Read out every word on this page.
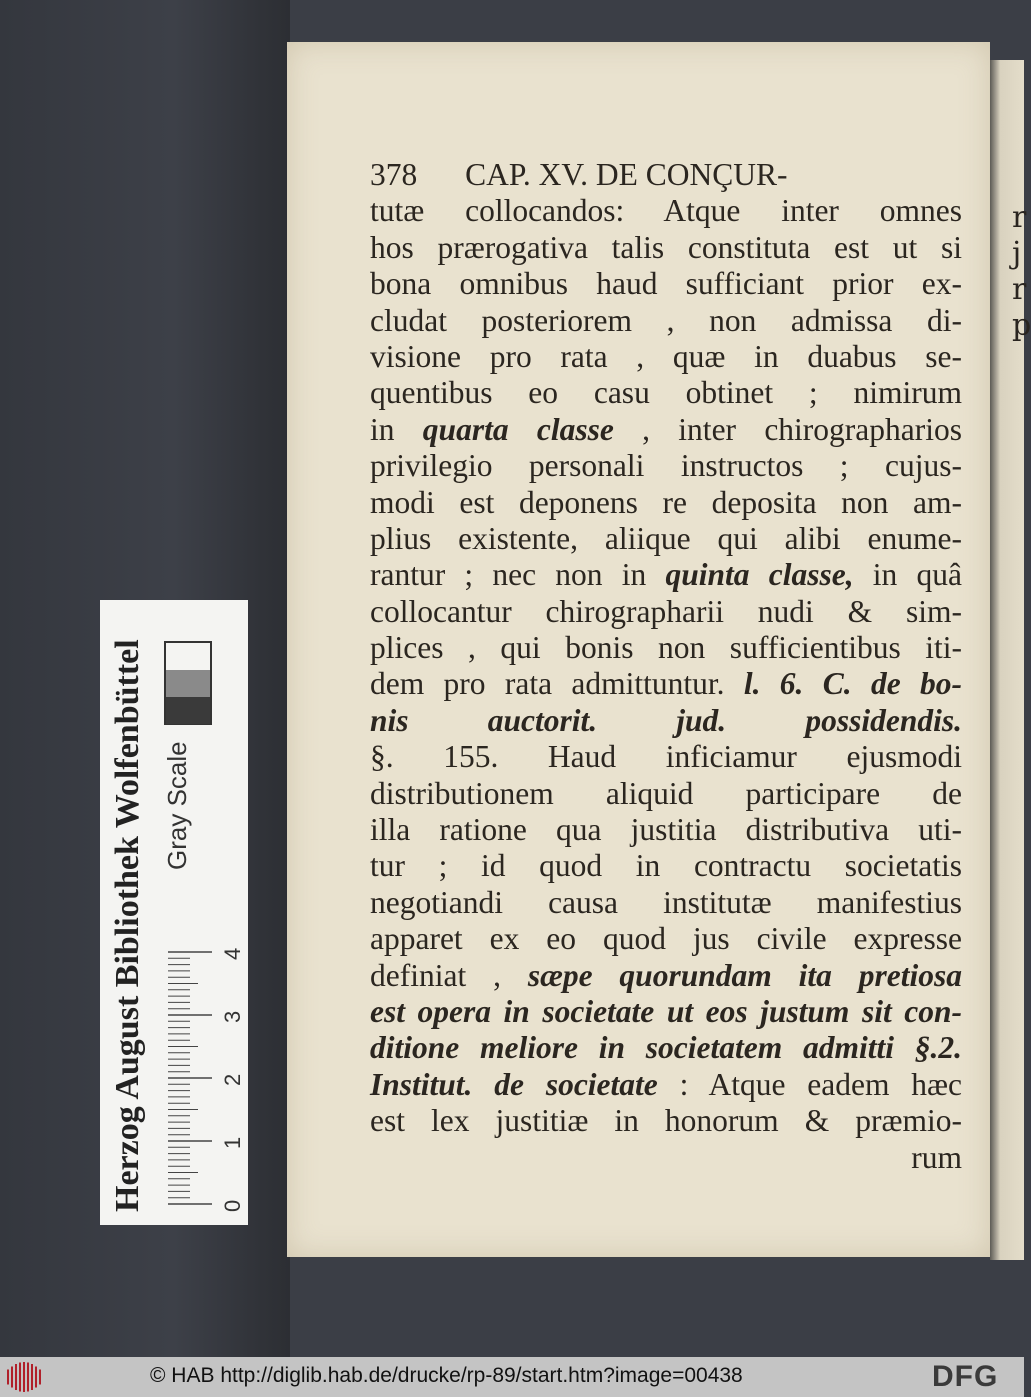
r
j
r
p
378 CAP. XV. DE CONÇUR-
tutæ collocandos: Atque inter omnes
hos prærogativa talis constituta est ut si
bona omnibus haud sufficiant prior ex-
cludat posteriorem , non admissa di-
visione pro rata , quæ in duabus se-
quentibus eo casu obtinet ; nimirum
in quarta classe , inter chirographarios
privilegio personali instructos ; cujus-
modi est deponens re deposita non am-
plius existente, aliique qui alibi enume-
rantur ; nec non in quinta classe, in quâ
collocantur chirographarii nudi & sim-
plices , qui bonis non sufficientibus iti-
dem pro rata admittuntur. l. 6. C. de bo-
nis auctorit. jud. possidendis.
§. 155. Haud inficiamur ejusmodi
distributionem aliquid participare de
illa ratione qua justitia distributiva uti-
tur ; id quod in contractu societatis
negotiandi causa institutæ manifestius
apparet ex eo quod jus civile expresse
definiat , sæpe quorundam ita pretiosa
est opera in societate ut eos justum sit con-
ditione meliore in societatem admitti §.2.
Institut. de societate : Atque eadem hæc
est lex justitiæ in honorum & præmio-
rum
Herzog August Bibliothek Wolfenbüttel Gray Scale
0
1
2
3
4
© HAB http://diglib.hab.de/drucke/rp-89/start.htm?image=00438	DFG
